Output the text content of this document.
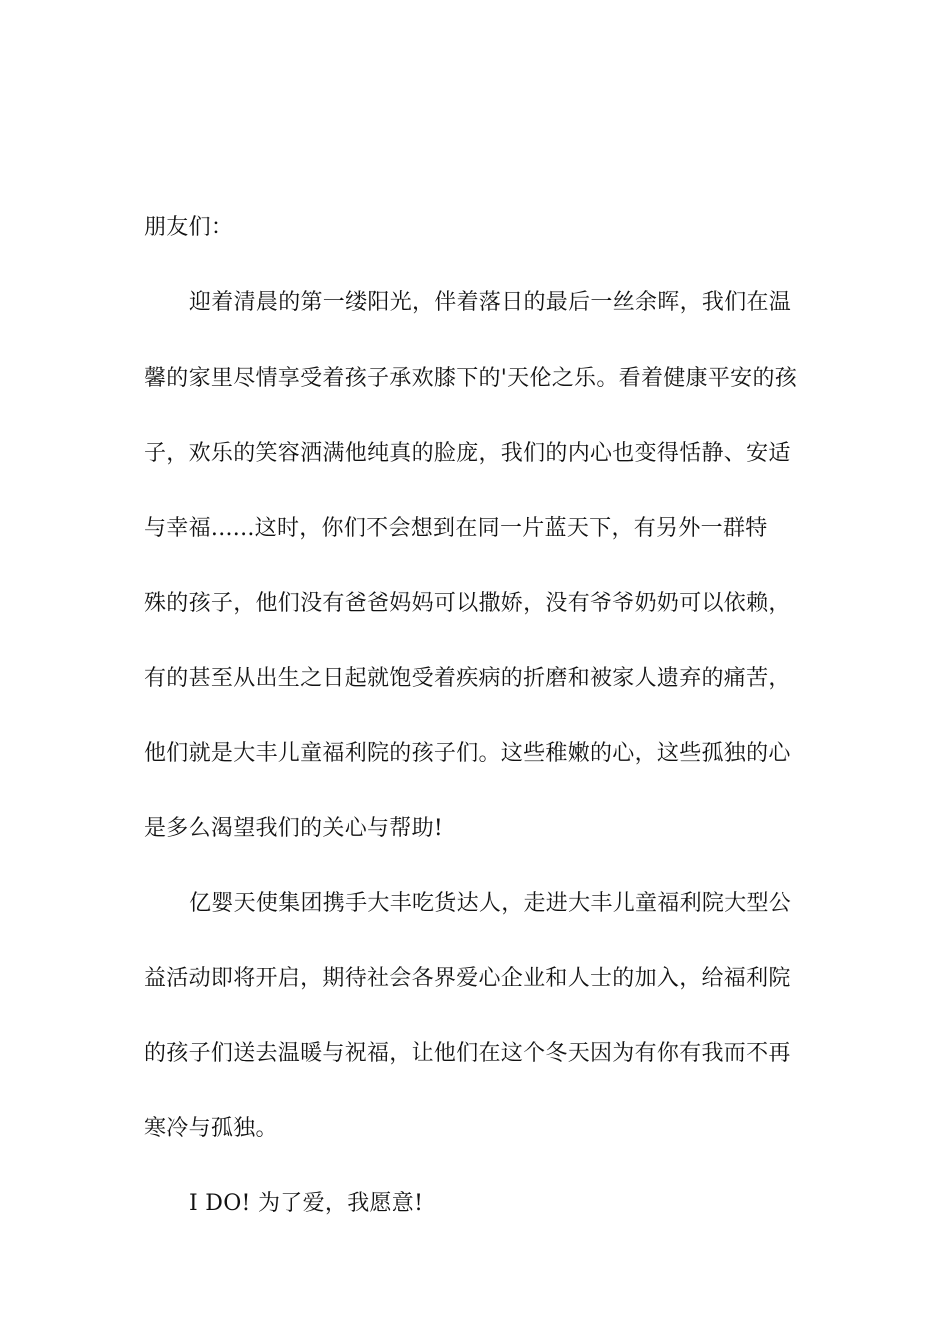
朋友们：
迎着清晨的第一缕阳光，伴着落日的最后一丝余晖，我们在温
馨的家里尽情享受着孩子承欢膝下的'天伦之乐。看着健康平安的孩
子，欢乐的笑容洒满他纯真的脸庞，我们的内心也变得恬静、安适
与幸福......这时，你们不会想到在同一片蓝天下，有另外一群特
殊的孩子，他们没有爸爸妈妈可以撒娇，没有爷爷奶奶可以依赖，
有的甚至从出生之日起就饱受着疾病的折磨和被家人遗弃的痛苦，
他们就是大丰儿童福利院的孩子们。这些稚嫩的心，这些孤独的心
是多么渴望我们的关心与帮助!
亿婴天使集团携手大丰吃货达人，走进大丰儿童福利院大型公
益活动即将开启，期待社会各界爱心企业和人士的加入，给福利院
的孩子们送去温暖与祝福，让他们在这个冬天因为有你有我而不再
寒冷与孤独。
I DO! 为了爱，我愿意!
